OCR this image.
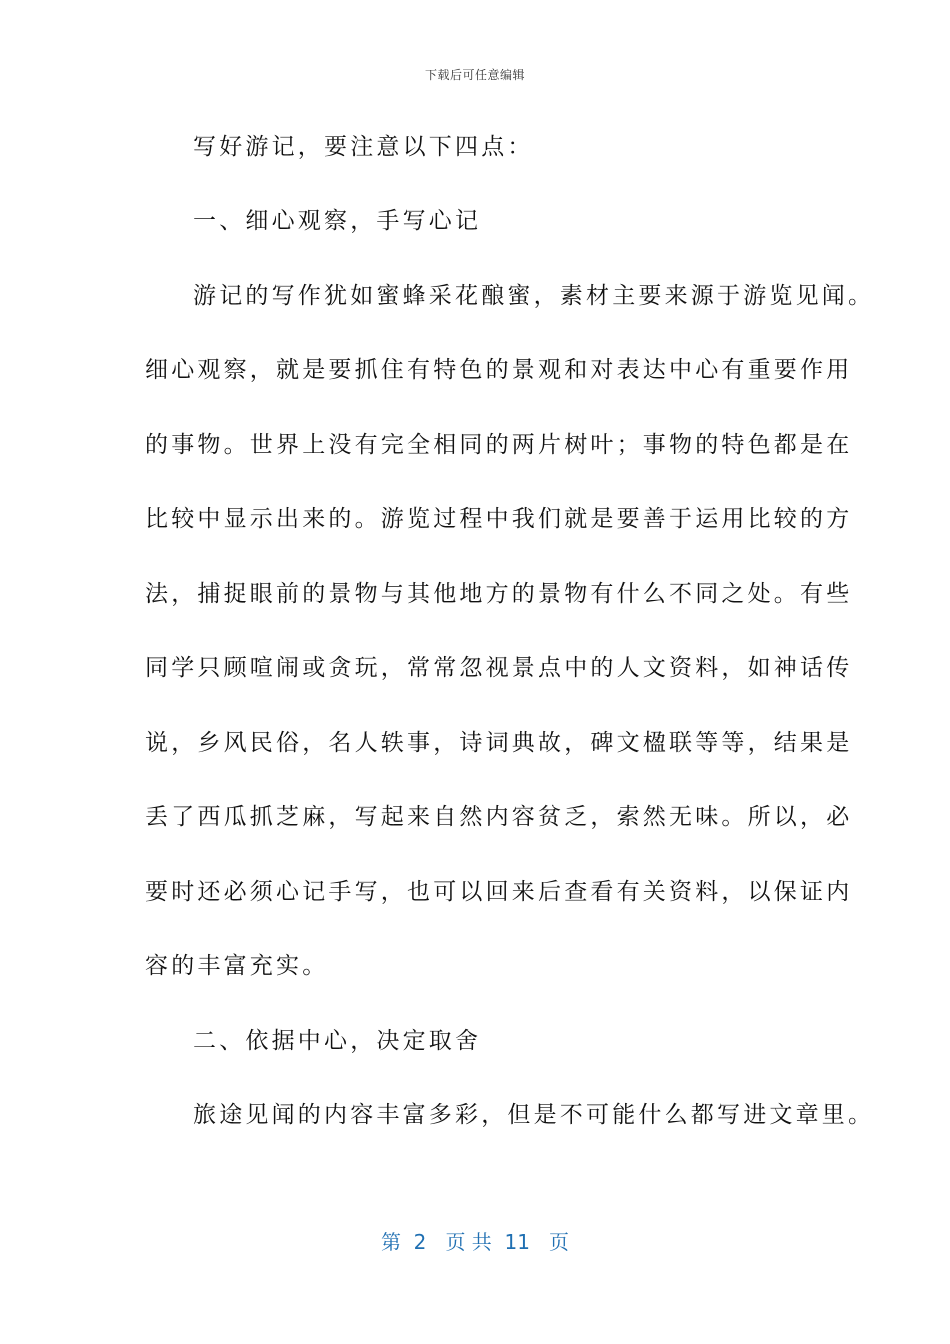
下载后可任意编辑
写好游记，要注意以下四点：
一、细心观察，手写心记
游记的写作犹如蜜蜂采花酿蜜，素材主要来源于游览见闻。
细心观察，就是要抓住有特色的景观和对表达中心有重要作用
的事物。世界上没有完全相同的两片树叶；事物的特色都是在
比较中显示出来的。游览过程中我们就是要善于运用比较的方
法，捕捉眼前的景物与其他地方的景物有什么不同之处。有些
同学只顾喧闹或贪玩，常常忽视景点中的人文资料，如神话传
说，乡风民俗，名人轶事，诗词典故，碑文楹联等等，结果是
丢了西瓜抓芝麻，写起来自然内容贫乏，索然无味。所以，必
要时还必须心记手写，也可以回来后查看有关资料，以保证内
容的丰富充实。
二、依据中心，决定取舍
旅途见闻的内容丰富多彩，但是不可能什么都写进文章里。
第  2   页 共  11   页
